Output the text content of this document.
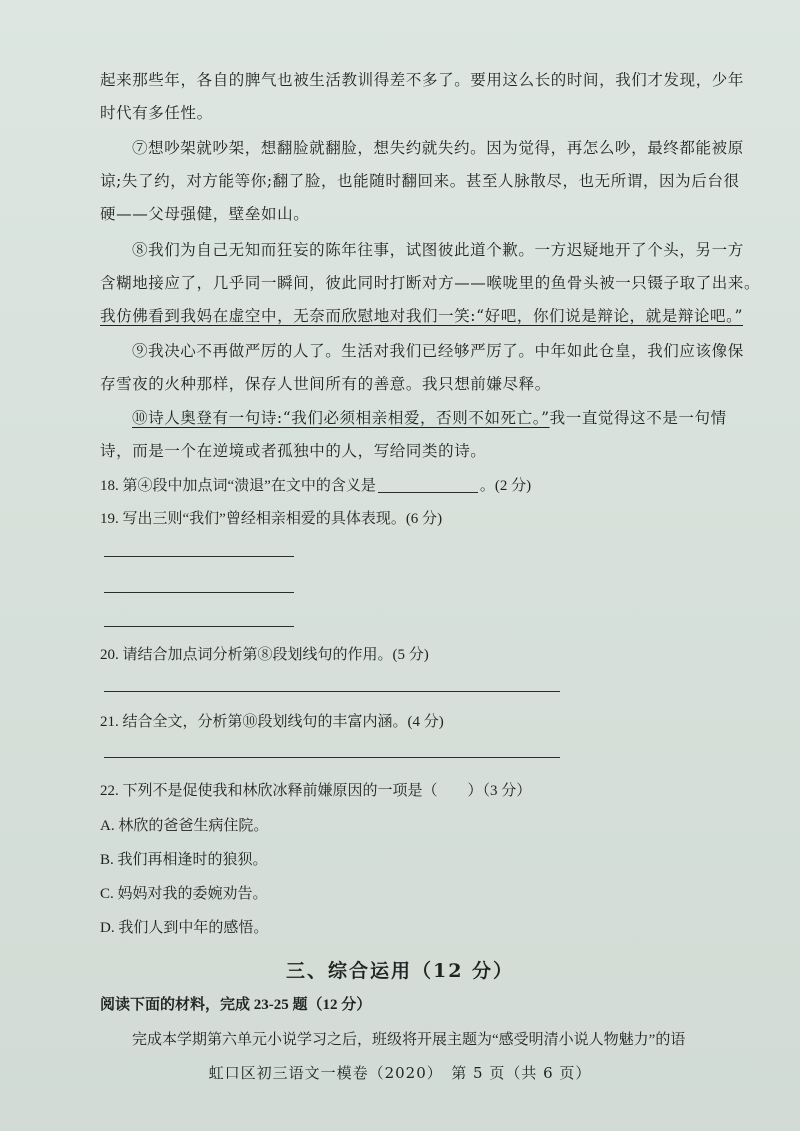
起来那些年，各自的脾气也被生活教训得差不多了。要用这么长的时间，我们才发现，少年
时代有多任性。
⑦想吵架就吵架，想翻脸就翻脸，想失约就失约。因为觉得，再怎么吵，最终都能被原
谅;失了约，对方能等你;翻了脸，也能随时翻回来。甚至人脉散尽，也无所谓，因为后台很
硬——父母强健，壁垒如山。
⑧我们为自己无知而狂妄的陈年往事，试图彼此道个歉。一方迟疑地开了个头，另一方
含糊地接应了，几乎同一瞬间，彼此同时打断对方——喉咙里的鱼骨头被一只镊子取了出来。
我仿佛看到我妈在虚空中，无奈而欣慰地对我们一笑:“好吧，你们说是辩论，就是辩论吧。”
⑨我决心不再做严厉的人了。生活对我们已经够严厉了。中年如此仓皇，我们应该像保
存雪夜的火种那样，保存人世间所有的善意。我只想前嫌尽释。
⑩诗人奥登有一句诗:“我们必须相亲相爱，否则不如死亡。”我一直觉得这不是一句情
诗，而是一个在逆境或者孤独中的人，写给同类的诗。
18. 第④段中加点词“溃退”在文中的含义是	。(2 分)
19. 写出三则“我们”曾经相亲相爱的具体表现。(6 分)
20. 请结合加点词分析第⑧段划线句的作用。(5 分)
21. 结合全文，分析第⑩段划线句的丰富内涵。(4 分)
22. 下列不是促使我和林欣冰释前嫌原因的一项是（　　）（3 分）
A. 林欣的爸爸生病住院。
B. 我们再相逢时的狼狈。
C. 妈妈对我的委婉劝告。
D. 我们人到中年的感悟。
三、综合运用（12 分）
阅读下面的材料，完成 23-25 题（12 分）
完成本学期第六单元小说学习之后，班级将开展主题为“感受明清小说人物魅力”的语
虹口区初三语文一模卷（2020）　第 5 页（共 6 页）
